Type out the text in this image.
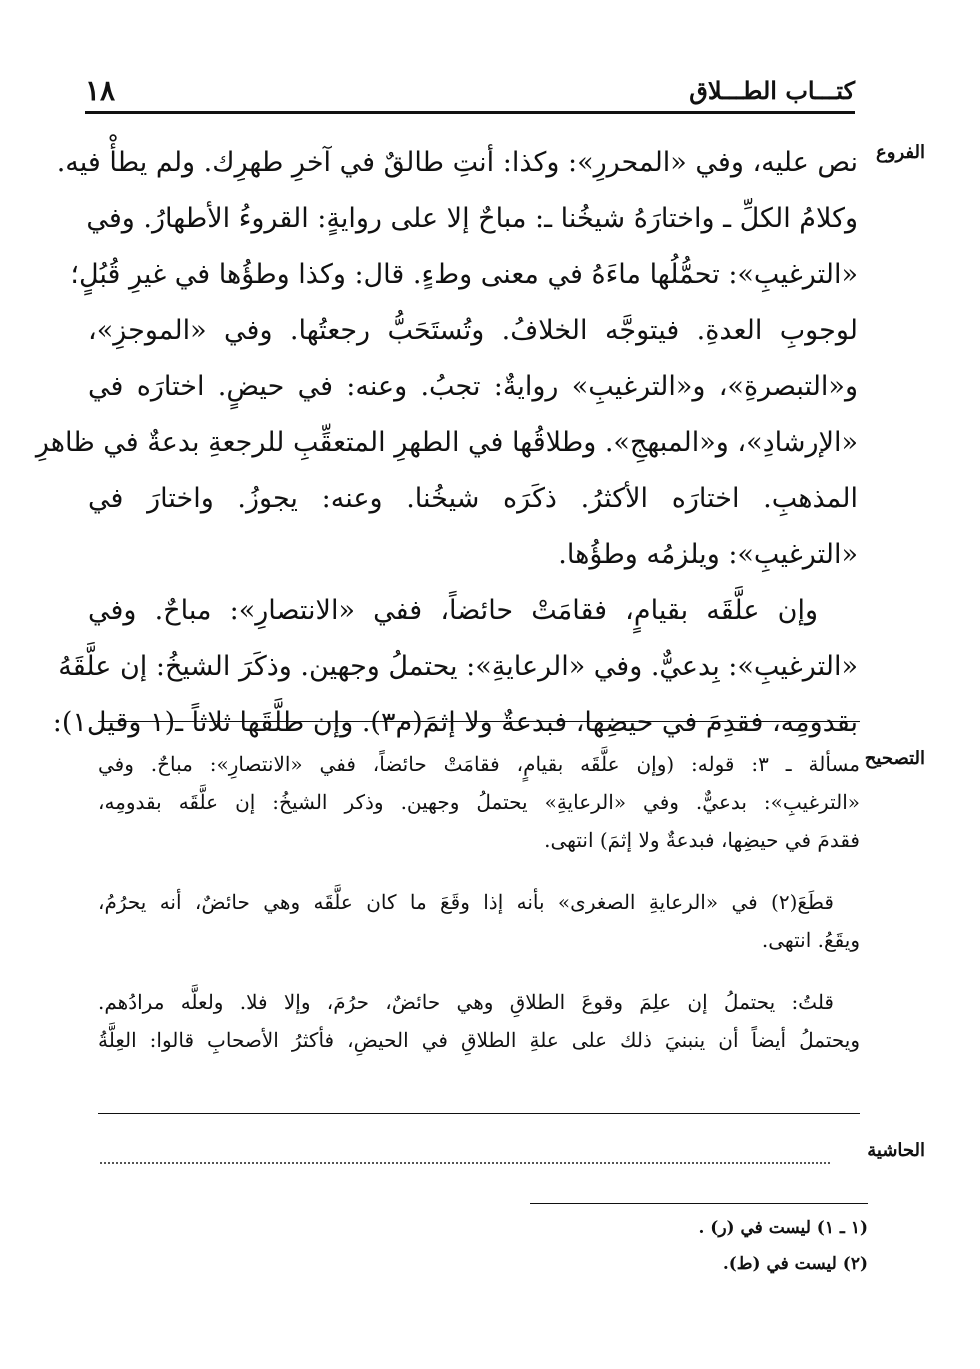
١٨	كتـــاب الطـــلاق
الفروع
التصحيح
الحاشية
نص عليه، وفي «المحررِ»: وكذا: أنتِ طالقٌ في آخرِ طهرِك. ولم يطأْ فيه.
وكلامُ الكلِّ ـ واختارَهُ شيخُنا ـ: مباحٌ إلا على روايةٍ: القروءُ الأطهارُ. وفي
«الترغيبِ»: تحمُّلُها ماءَهُ في معنى وطءٍ. قال: وكذا وطؤُها في غيرِ قُبُلٍ؛
لوجوبِ العدةِ. فيتوجَّه الخلافُ. وتُستَحَبُّ رجعتُها. وفي «الموجزِ»،
و«التبصرةِ»، و«الترغيبِ» روايةٌ: تجبُ. وعنه: في حيضٍ. اختارَه في
«الإرشادِ»، و«المبهجِ». وطلاقُها في الطهرِ المتعقِّبِ للرجعةِ بدعةٌ في ظاهرِ
المذهبِ. اختارَه الأكثرُ. ذكَرَه شيخُنا. وعنه: يجوزُ. واختارَ في
«الترغيبِ»: ويلزمُه وطؤُها.
وإن علَّقَه بقيامٍ، فقامَتْ حائضاً، ففي «الانتصارِ»: مباحٌ. وفي
«الترغيبِ»: بِدعيٌّ. وفي «الرعايةِ»: يحتملُ وجهين. وذكَرَ الشيخُ: إن علَّقَهُ
بقدومِه، فقدِمَ في حيضِها، فبدعةٌ ولا إثمَ(م٣). وإن طلَّقَها ثلاثاً ـ(١ وقيل١):
مسألة ـ ٣: قوله: (وإن علَّقَه بقيامٍ، فقامَتْ حائضاً، ففي «الانتصارِ»: مباحٌ. وفي
«الترغيبِ»: بدعيٌّ. وفي «الرعايةِ» يحتملُ وجهين. وذكر الشيخُ: إن علَّقَه بقدومِه،
فقدمَ في حيضِها، فبدعةٌ ولا إثمَ) انتهى.
قطَعَ(٢) في «الرعايةِ الصغرى» بأنه إذا وقَعَ ما كان علَّقَه وهي حائضٌ، أنه يحرُمُ،
ويقَعُ. انتهى.
قلتُ: يحتملُ إن علِمَ وقوعَ الطلاقِ وهي حائضٌ، حرُمَ، وإلا فلا. ولعلَّه مرادُهم.
ويحتملُ أيضاً أن ينبنيَ ذلك على علةِ الطلاقِ في الحيضِ، فأكثرُ الأصحابِ قالوا: العِلَّةُ
(١ ـ ١) ليست في (ر) .
(٢) ليست في (ط).
